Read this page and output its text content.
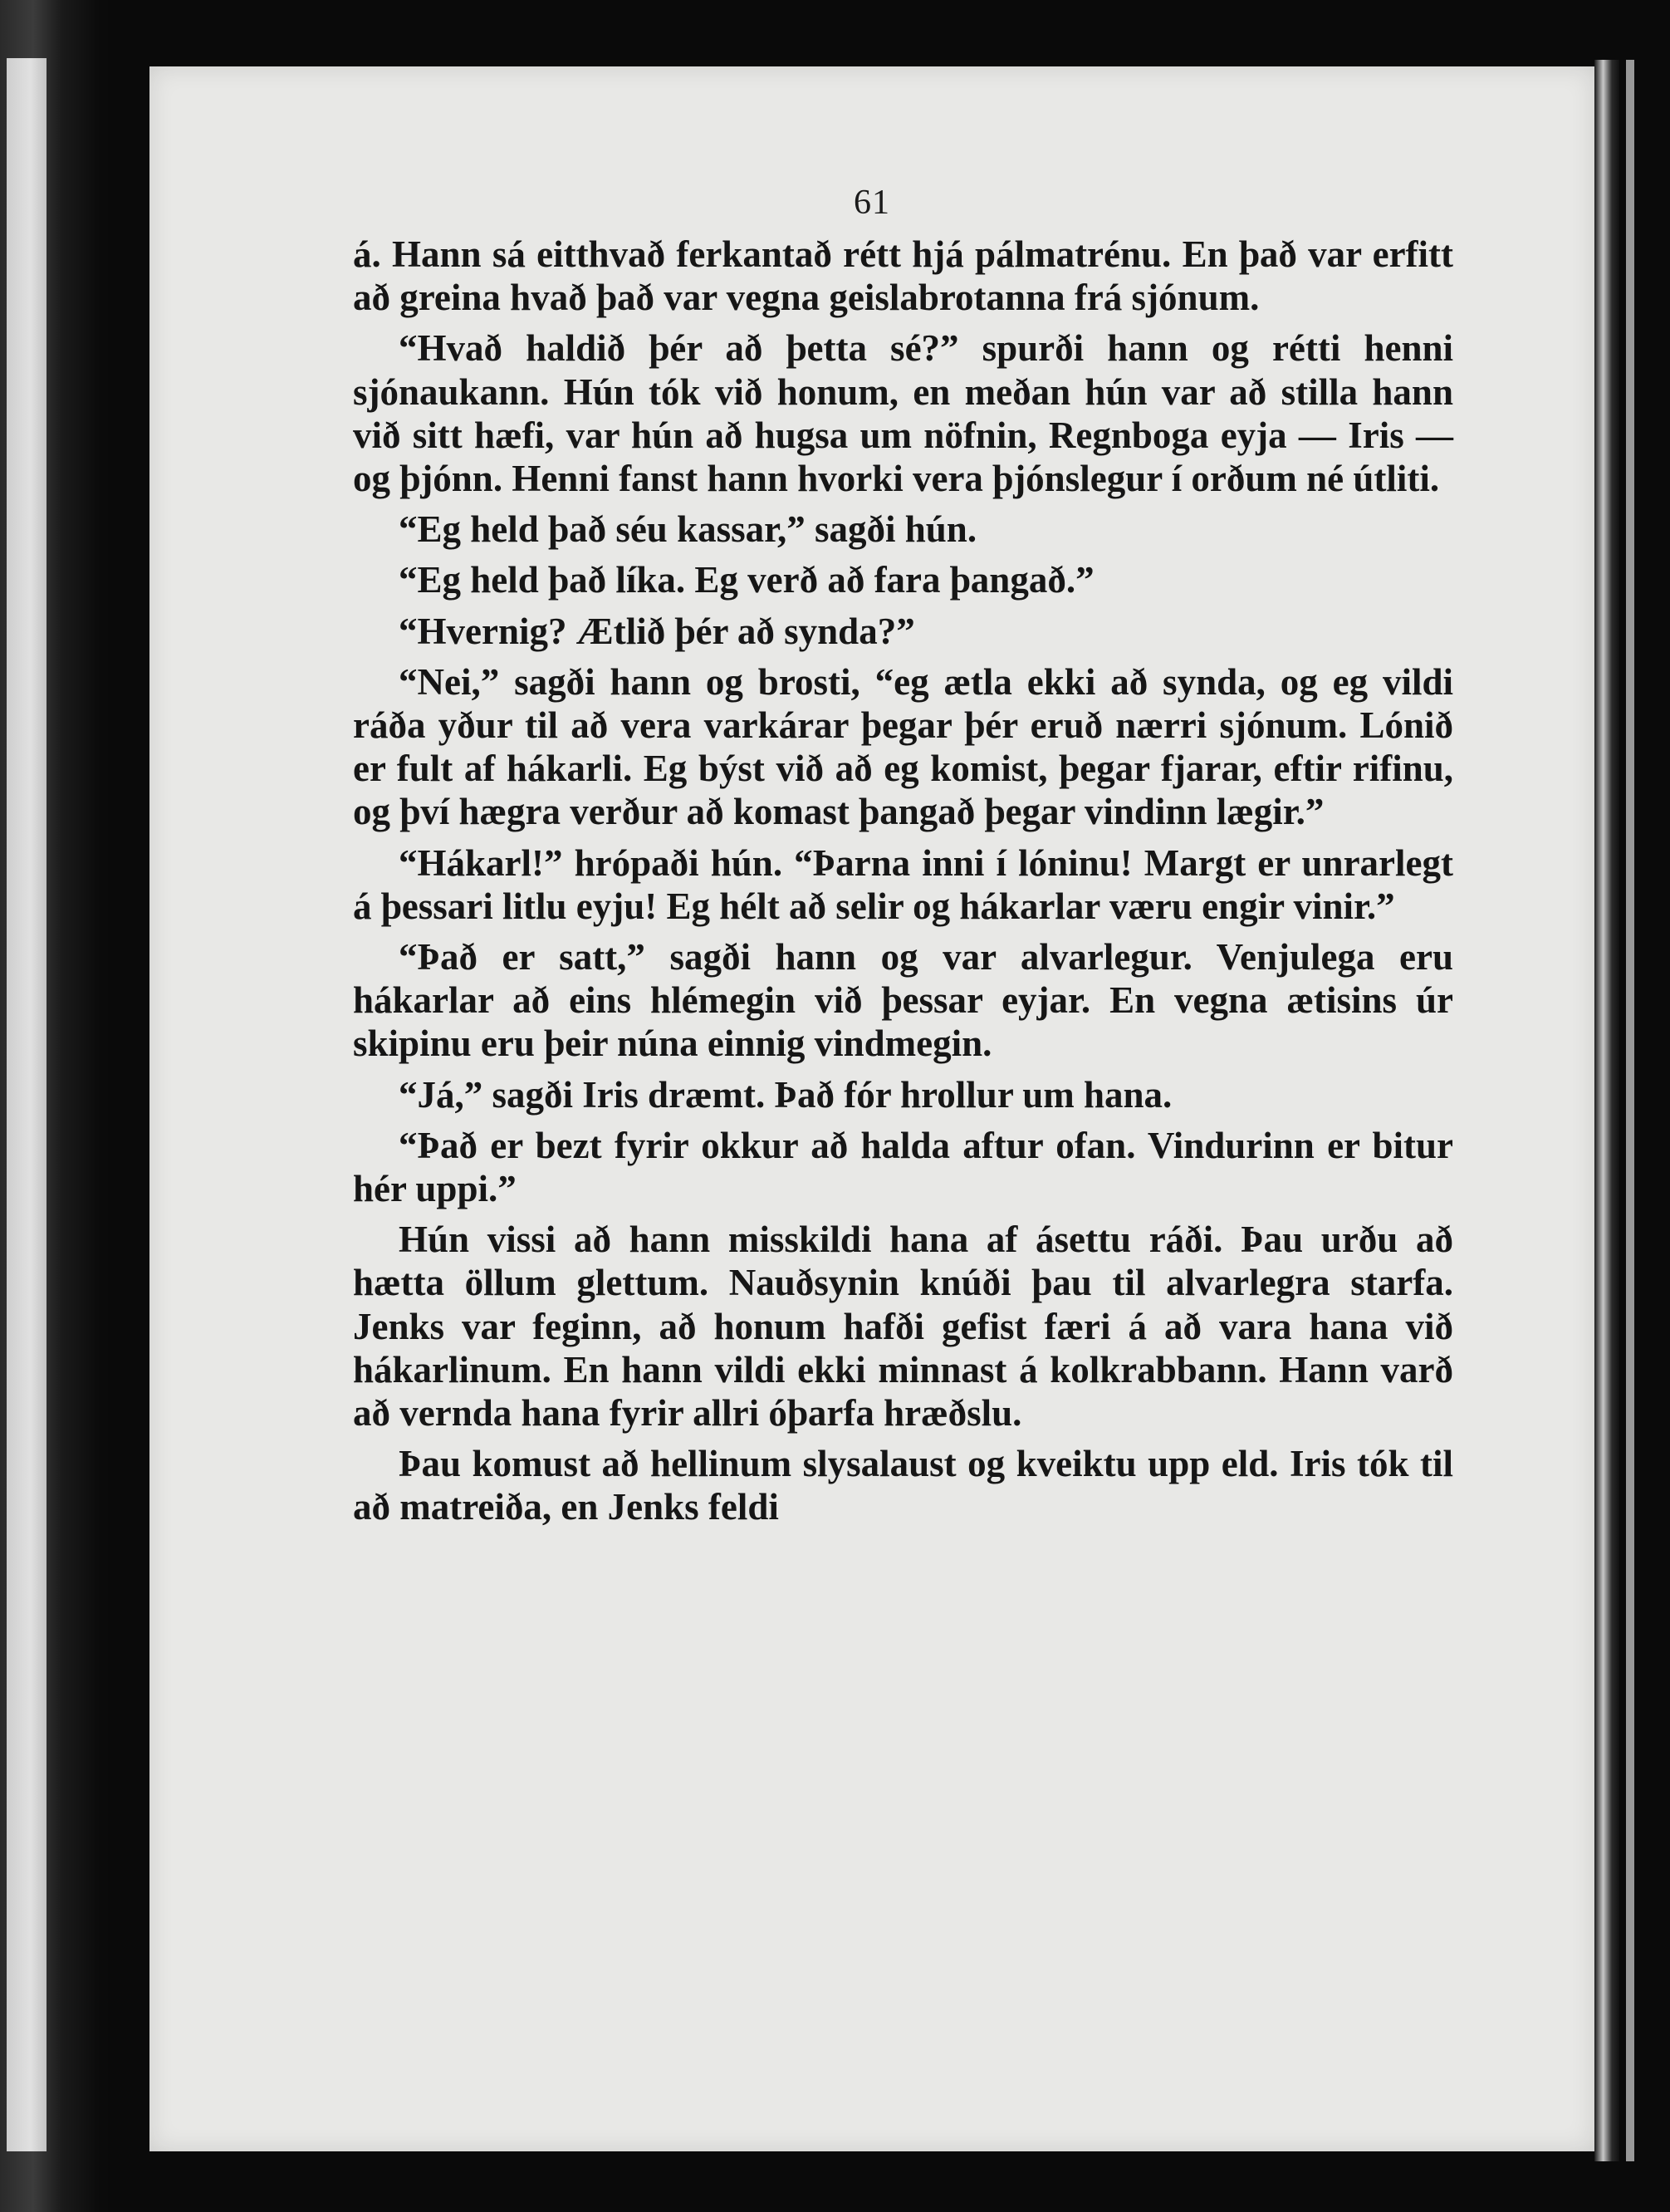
61

á. Hann sá eitthvað ferkantað rétt hjá pálmatrénu. En það var erfitt að greina hvað það var vegna geislabrotanna frá sjónum.

“Hvað haldið þér að þetta sé?” spurði hann og rétti henni sjónaukann. Hún tók við honum, en meðan hún var að stilla hann við sitt hæfi, var hún að hugsa um nöfnin, Regnboga eyja — Iris — og þjónn. Henni fanst hann hvorki vera þjónslegur í orðum né útliti.

“Eg held það séu kassar,” sagði hún.

“Eg held það líka. Eg verð að fara þangað.”

“Hvernig? Ætlið þér að synda?”

“Nei,” sagði hann og brosti, “eg ætla ekki að synda, og eg vildi ráða yður til að vera varkárar þegar þér eruð nærri sjónum. Lónið er fult af hákarli. Eg býst við að eg komist, þegar fjarar, eftir rifinu, og því hægra verður að komast þangað þegar vindinn lægir.”

“Hákarl!” hrópaði hún. “Þarna inni í lóninu! Margt er unrarlegt á þessari litlu eyju! Eg hélt að selir og hákarlar væru engir vinir.”

“Það er satt,” sagði hann og var alvarlegur. Venjulega eru hákarlar að eins hlémegin við þessar eyjar. En vegna ætisins úr skipinu eru þeir núna einnig vindmegin.

“Já,” sagði Iris dræmt. Það fór hrollur um hana.

“Það er bezt fyrir okkur að halda aftur ofan. Vindurinn er bitur hér uppi.”

Hún vissi að hann misskildi hana af ásettu ráði. Þau urðu að hætta öllum glettum. Nauðsynin knúði þau til alvarlegra starfa. Jenks var feginn, að honum hafði gefist færi á að vara hana við hákarlinum. En hann vildi ekki minnast á kolkrabbann. Hann varð að vernda hana fyrir allri óþarfa hræðslu.

Þau komust að hellinum slysalaust og kveiktu upp eld. Iris tók til að matreiða, en Jenks feldi
